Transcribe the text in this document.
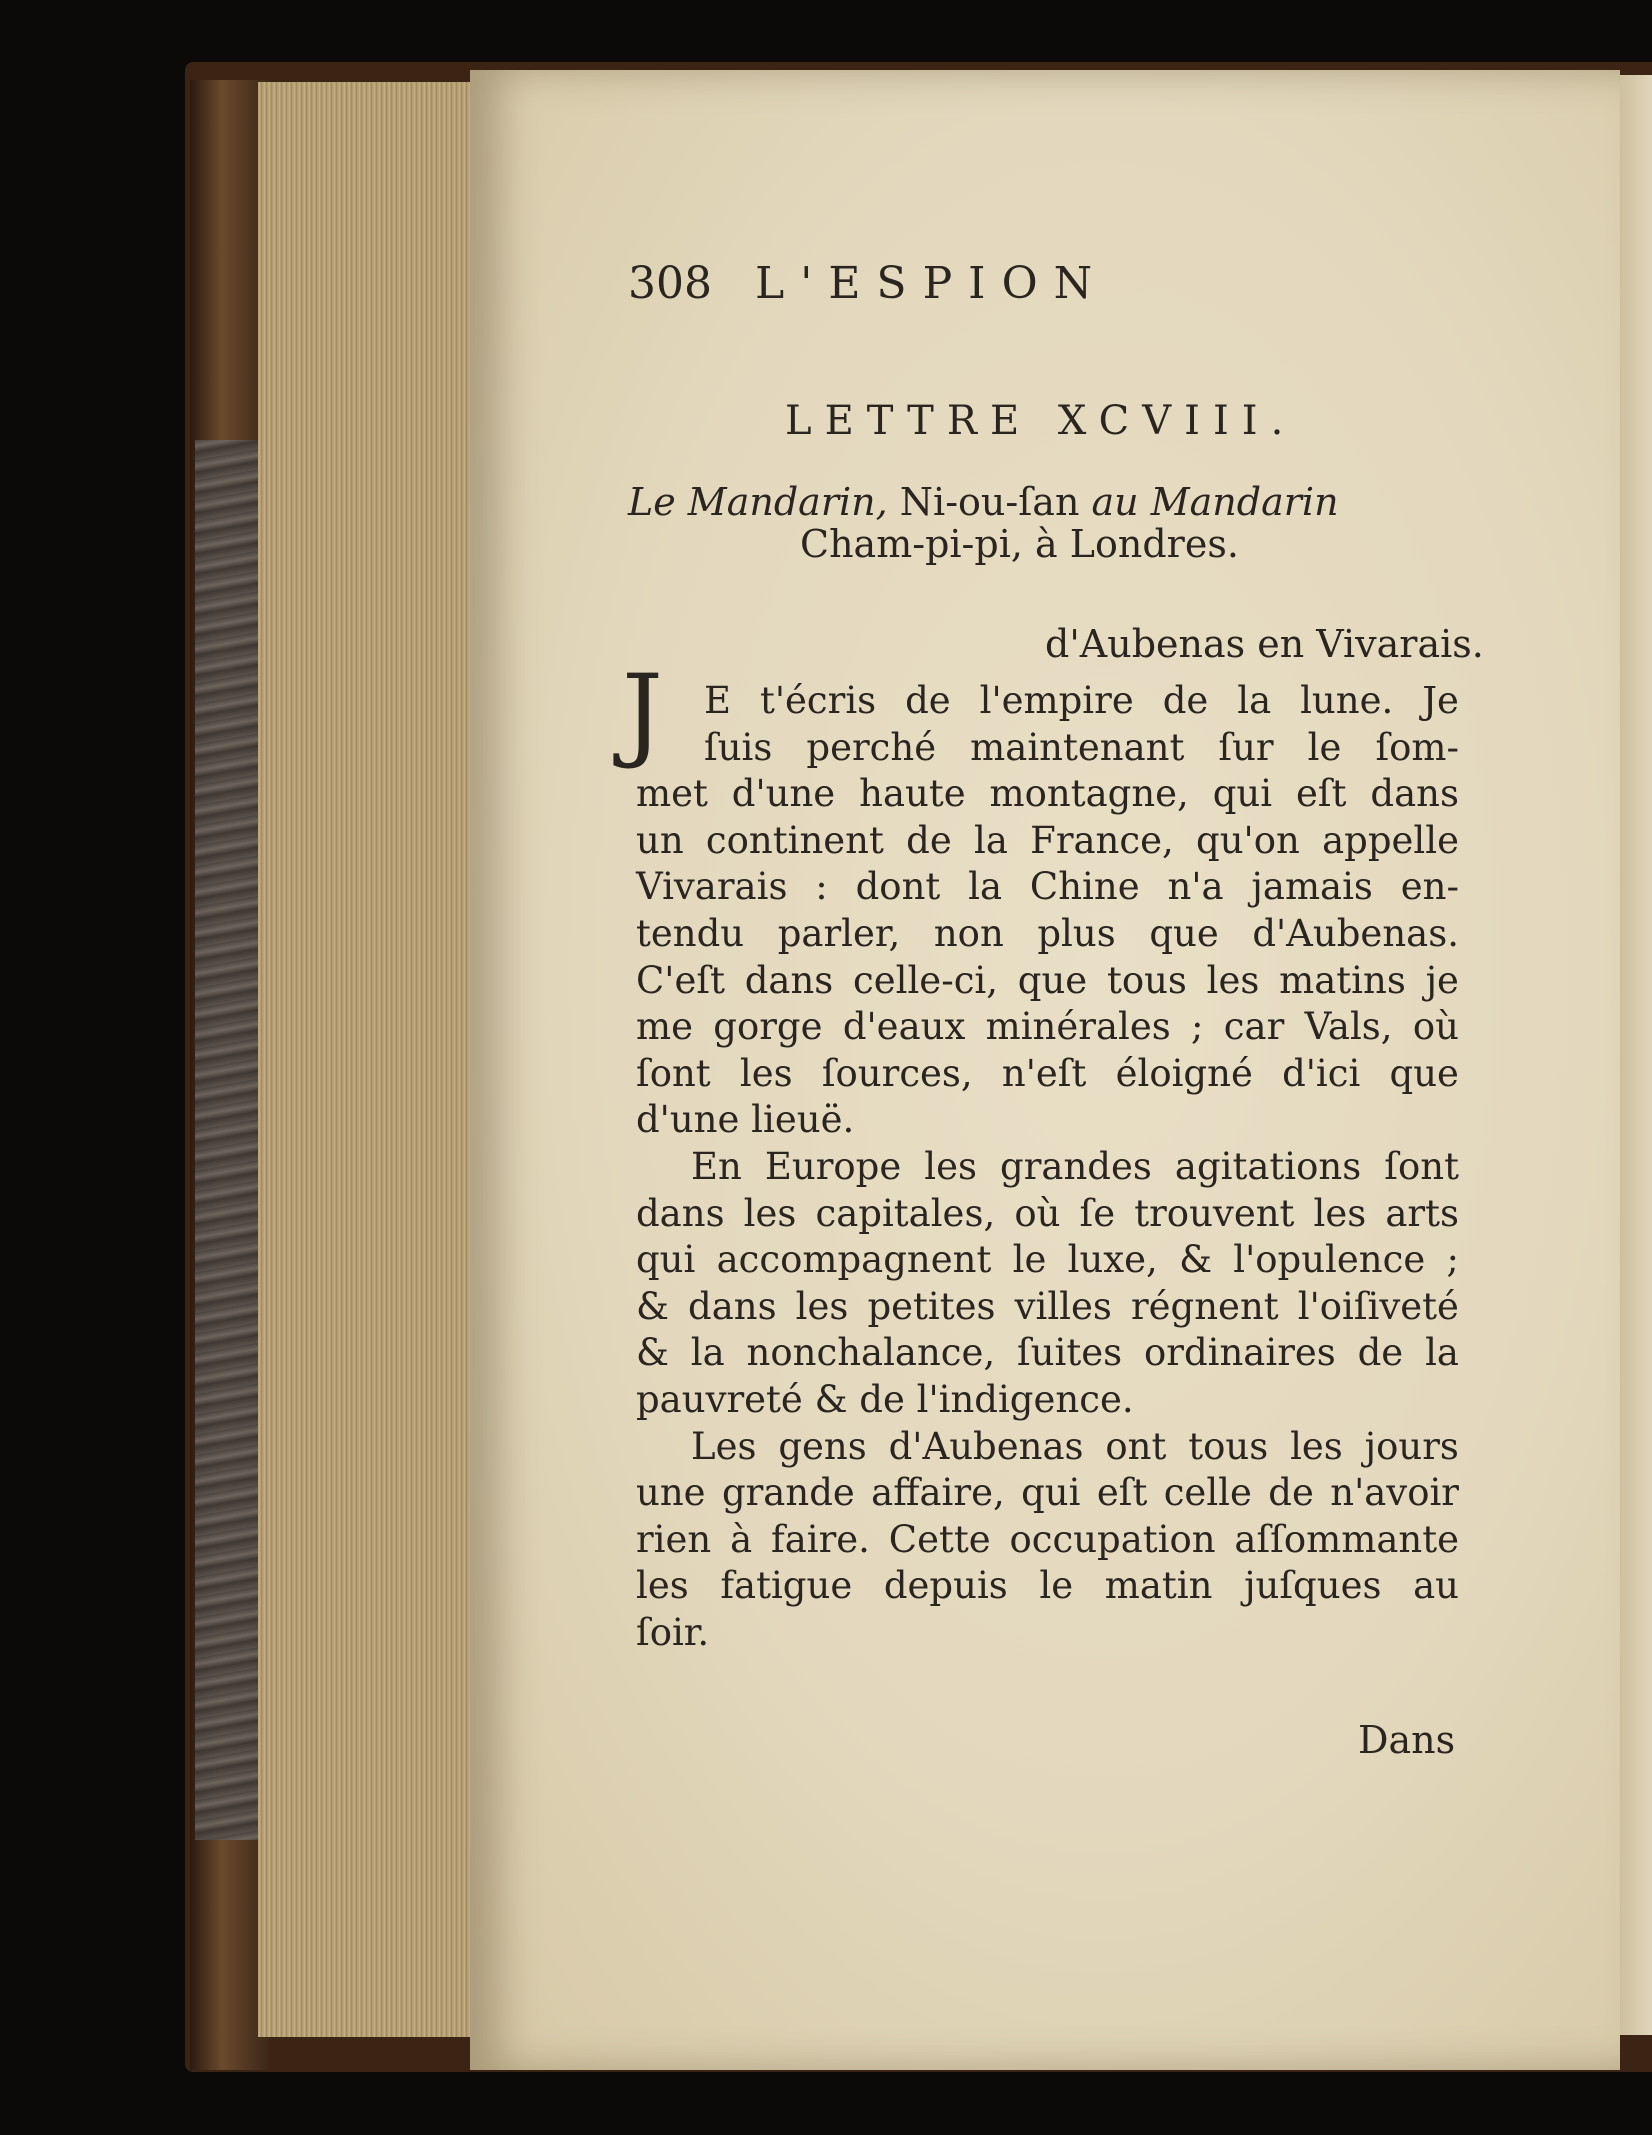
308 L'ESPION
LETTRE XCVIII.
Le Mandarin, Ni-ou-ſan au Mandarin
Cham-pi-pi, à Londres.
d'Aubenas en Vivarais.
J E t'écris de l'empire de la lune. Je
ſuis perché maintenant ſur le ſom-
met d'une haute montagne, qui eſt dans
un continent de la France, qu'on appelle
Vivarais : dont la Chine n'a jamais en-
tendu parler, non plus que d'Aubenas.
C'eſt dans celle-ci, que tous les matins je
me gorge d'eaux minérales ; car Vals, où
ſont les ſources, n'eſt éloigné d'ici que
d'une lieuë.
En Europe les grandes agitations ſont
dans les capitales, où ſe trouvent les arts
qui accompagnent le luxe, & l'opulence ;
& dans les petites villes régnent l'oiſiveté
& la nonchalance, ſuites ordinaires de la
pauvreté & de l'indigence.
Les gens d'Aubenas ont tous les jours
une grande affaire, qui eſt celle de n'avoir
rien à faire. Cette occupation aſſommante
les fatigue depuis le matin juſques au
ſoir.
Dans
